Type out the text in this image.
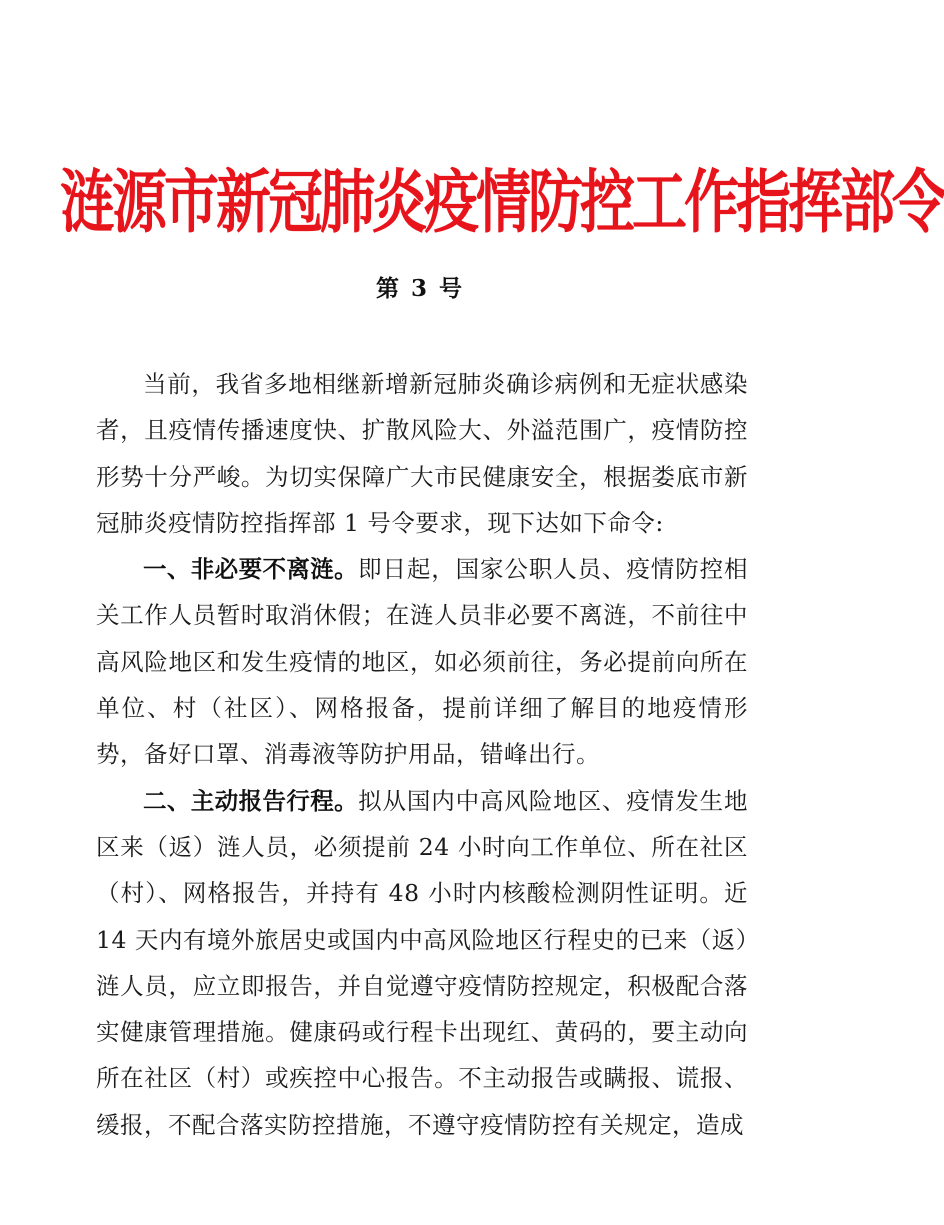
涟源市新冠肺炎疫情防控工作指挥部令
第 3 号

当前，我省多地相继新增新冠肺炎确诊病例和无症状感染者，且疫情传播速度快、扩散风险大、外溢范围广，疫情防控形势十分严峻。为切实保障广大市民健康安全，根据娄底市新冠肺炎疫情防控指挥部 1 号令要求，现下达如下命令:

一、非必要不离涟。即日起，国家公职人员、疫情防控相关工作人员暂时取消休假；在涟人员非必要不离涟，不前往中高风险地区和发生疫情的地区，如必须前往，务必提前向所在单位、村（社区）、网格报备，提前详细了解目的地疫情形势，备好口罩、消毒液等防护用品，错峰出行。

二、主动报告行程。拟从国内中高风险地区、疫情发生地区来（返）涟人员，必须提前 24 小时向工作单位、所在社区（村）、网格报告，并持有 48 小时内核酸检测阴性证明。近 14 天内有境外旅居史或国内中高风险地区行程史的已来（返）涟人员，应立即报告，并自觉遵守疫情防控规定，积极配合落实健康管理措施。健康码或行程卡出现红、黄码的，要主动向所在社区（村）或疾控中心报告。不主动报告或瞒报、谎报、缓报，不配合落实防控措施，不遵守疫情防控有关规定，造成
